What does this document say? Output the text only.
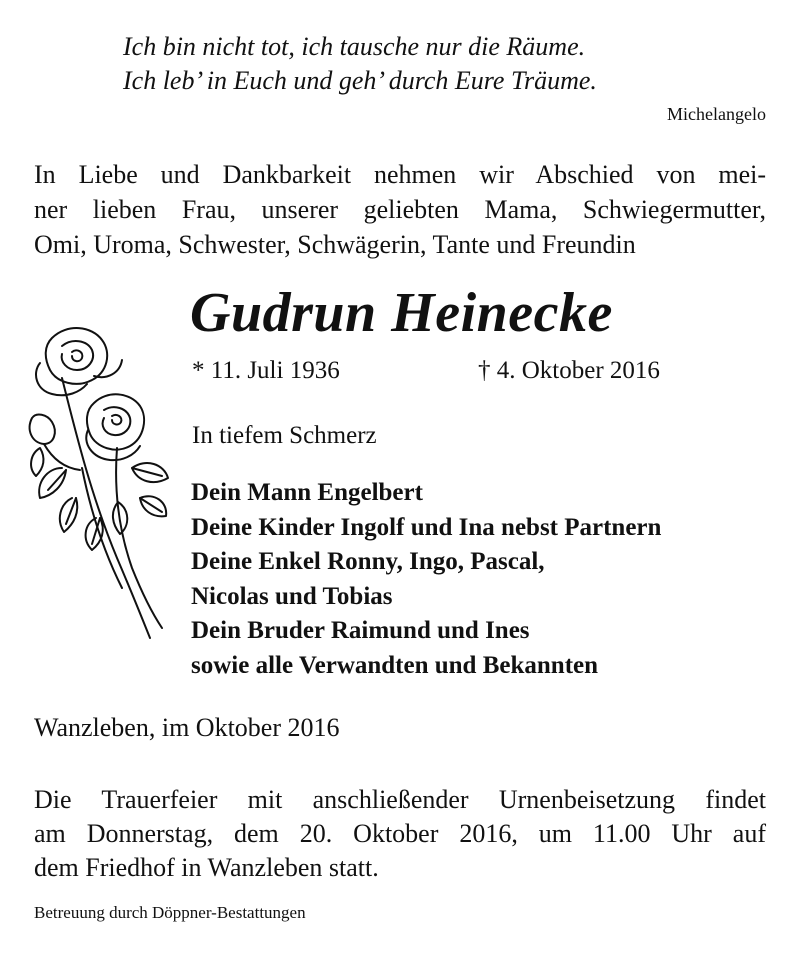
Ich bin nicht tot, ich tausche nur die Räume.
Ich leb’ in Euch und geh’ durch Eure Träume.
Michelangelo
In Liebe und Dankbarkeit nehmen wir Abschied von mei-
ner lieben Frau, unserer geliebten Mama, Schwiegermutter,
Omi, Uroma, Schwester, Schwägerin, Tante und Freundin
Gudrun Heinecke
* 11. Juli 1936	† 4. Oktober 2016
In tiefem Schmerz
Dein Mann Engelbert
Deine Kinder Ingolf und Ina nebst Partnern
Deine Enkel Ronny, Ingo, Pascal,
Nicolas und Tobias
Dein Bruder Raimund und Ines
sowie alle Verwandten und Bekannten
Wanzleben, im Oktober 2016
Die Trauerfeier mit anschließender Urnenbeisetzung findet
am Donnerstag, dem 20. Oktober 2016, um 11.00 Uhr auf
dem Friedhof in Wanzleben statt.
Betreuung durch Döppner-Bestattungen
